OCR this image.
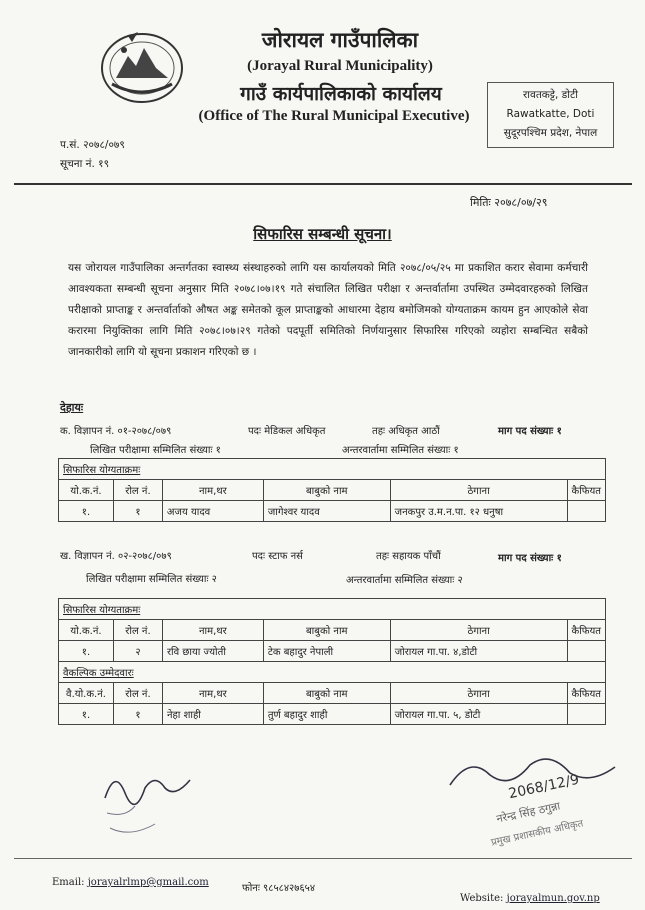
जोरायल गाउँपालिका
(Jorayal Rural Municipality)
गाउँ कार्यपालिकाको कार्यालय
(Office of The Rural Municipal Executive)
रावतकट्टे, डोटी
Rawatkatte, Doti
सुदूरपश्चिम प्रदेश, नेपाल
प.सं. २०७८/०७९
सूचना नं. १९
मितिः २०७८/०७/२९
सिफारिस सम्बन्धी सूचना।
यस जोरायल गाउँपालिका अन्तर्गतका स्वास्थ्य संस्थाहरुको लागि यस कार्यालयको मिति २०७८/०५/२५ मा प्रकाशित करार सेवामा कर्मचारी आवश्यकता सम्बन्धी सूचना अनुसार मिति २०७८।०७।१९ गते संचालित लिखित परीक्षा र अन्तर्वार्तामा उपस्थित उम्मेदवारहरुको लिखित परीक्षाको प्राप्ताङ्क र अन्तर्वार्ताको औषत अङ्क समेतको कूल प्राप्ताङ्कको आधारमा देहाय बमोजिमको योग्यताक्रम कायम हुन आएकोले सेवा करारमा नियुक्तिका लागि मिति २०७८।०७।२९ गतेको पदपूर्ती समितिको निर्णयानुसार सिफारिस गरिएको व्यहोरा सम्बन्धित सबैको जानकारीको लागि यो सूचना प्रकाशन गरिएको छ ।
देहायः
क. विज्ञापन नं. ०१-२०७८/०७९	पदः मेडिकल अधिकृत	तहः अधिकृत आठौं	माग पद संख्याः १
लिखित परीक्षामा सम्मिलित संख्याः १	अन्तरवार्तामा सम्मिलित संख्याः १
सिफारिस योग्यताक्रमः					
यो.क.नं.	रोल नं.	नाम,थर	बाबुको नाम	ठेगाना	कैफियत
१.	१	अजय यादव	जागेश्वर यादव	जनकपुर उ.म.न.पा. १२ धनुषा	
ख. विज्ञापन नं. ०२-२०७८/०७९	पदः स्टाफ नर्स	तहः सहायक पाँचौं	माग पद संख्याः १
लिखित परीक्षामा सम्मिलित संख्याः २	अन्तरवार्तामा सम्मिलित संख्याः २
सिफारिस योग्यताक्रमः					
यो.क.नं.	रोल नं.	नाम,थर	बाबुको नाम	ठेगाना	कैफियत
१.	२	रवि छाया ज्योती	टेक बहादुर नेपाली	जोरायल गा.पा. ४,डोटी	
वैकल्पिक उम्मेदवारः					
वै.यो.क.नं.	रोल नं.	नाम,थर	बाबुको नाम	ठेगाना	कैफियत
१.	१	नेहा शाही	तुर्ण बहादुर शाही	जोरायल गा.पा. ५, डोटी	
2068/12/9
नरेन्द्र सिंह ठगुन्ना
प्रमुख प्रशासकीय अधिकृत
Email: jorayalrlmp@gmail.com
फोनः ९८५८४२७६५४
Website: jorayalmun.gov.np
